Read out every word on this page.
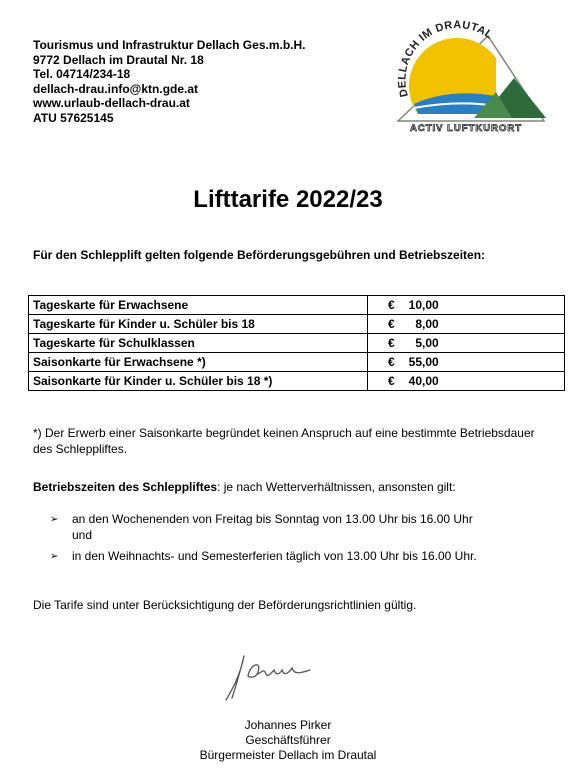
Tourismus und Infrastruktur Dellach Ges.m.b.H.
9772 Dellach im Drautal Nr. 18
Tel. 04714/234-18
dellach-drau.info@ktn.gde.at
www.urlaub-dellach-drau.at
ATU 57625145
DELLACH IM DRAUTAL
ACTIV LUFTKURORT
Lifttarife 2022/23
Für den Schlepplift gelten folgende Beförderungsgebühren und Betriebszeiten:
Tageskarte für Erwachsene	€ 10,00
Tageskarte für Kinder u. Schüler bis 18	€ 8,00
Tageskarte für Schulklassen	€ 5,00
Saisonkarte für Erwachsene *)	€ 55,00
Saisonkarte für Kinder u. Schüler bis 18 *)	€ 40,00
*) Der Erwerb einer Saisonkarte begründet keinen Anspruch auf eine bestimmte Betriebsdauer des Schleppliftes.
Betriebszeiten des Schleppliftes: je nach Wetterverhältnissen, ansonsten gilt:
➢ an den Wochenenden von Freitag bis Sonntag von 13.00 Uhr bis 16.00 Uhr
und
➢ in den Weihnachts- und Semesterferien täglich von 13.00 Uhr bis 16.00 Uhr.
Die Tarife sind unter Berücksichtigung der Beförderungsrichtlinien gültig.
Johannes Pirker
Geschäftsführer
Bürgermeister Dellach im Drautal
